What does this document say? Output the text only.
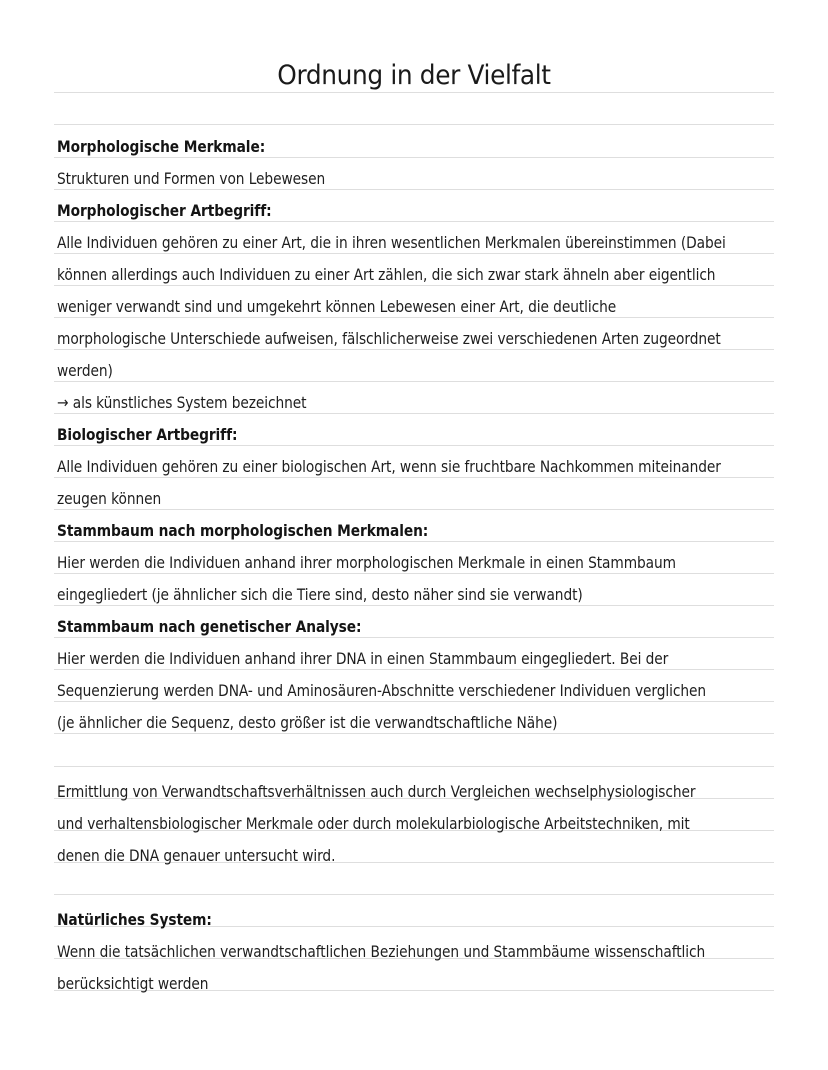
Ordnung in der Vielfalt
Morphologische Merkmale:
Strukturen und Formen von Lebewesen
Morphologischer Artbegriff:
Alle Individuen gehören zu einer Art, die in ihren wesentlichen Merkmalen übereinstimmen (Dabei
können allerdings auch Individuen zu einer Art zählen, die sich zwar stark ähneln aber eigentlich
weniger verwandt sind und umgekehrt können Lebewesen einer Art, die deutliche
morphologische Unterschiede aufweisen, fälschlicherweise zwei verschiedenen Arten zugeordnet
werden)
→ als künstliches System bezeichnet
Biologischer Artbegriff:
Alle Individuen gehören zu einer biologischen Art, wenn sie fruchtbare Nachkommen miteinander
zeugen können
Stammbaum nach morphologischen Merkmalen:
Hier werden die Individuen anhand ihrer morphologischen Merkmale in einen Stammbaum
eingegliedert (je ähnlicher sich die Tiere sind, desto näher sind sie verwandt)
Stammbaum nach genetischer Analyse:
Hier werden die Individuen anhand ihrer DNA in einen Stammbaum eingegliedert. Bei der
Sequenzierung werden DNA- und Aminosäuren-Abschnitte verschiedener Individuen verglichen
(je ähnlicher die Sequenz, desto größer ist die verwandtschaftliche Nähe)
Ermittlung von Verwandtschaftsverhältnissen auch durch Vergleichen wechselphysiologischer
und verhaltensbiologischer Merkmale oder durch molekularbiologische Arbeitstechniken, mit
denen die DNA genauer untersucht wird.
Natürliches System:
Wenn die tatsächlichen verwandtschaftlichen Beziehungen und Stammbäume wissenschaftlich
berücksichtigt werden
